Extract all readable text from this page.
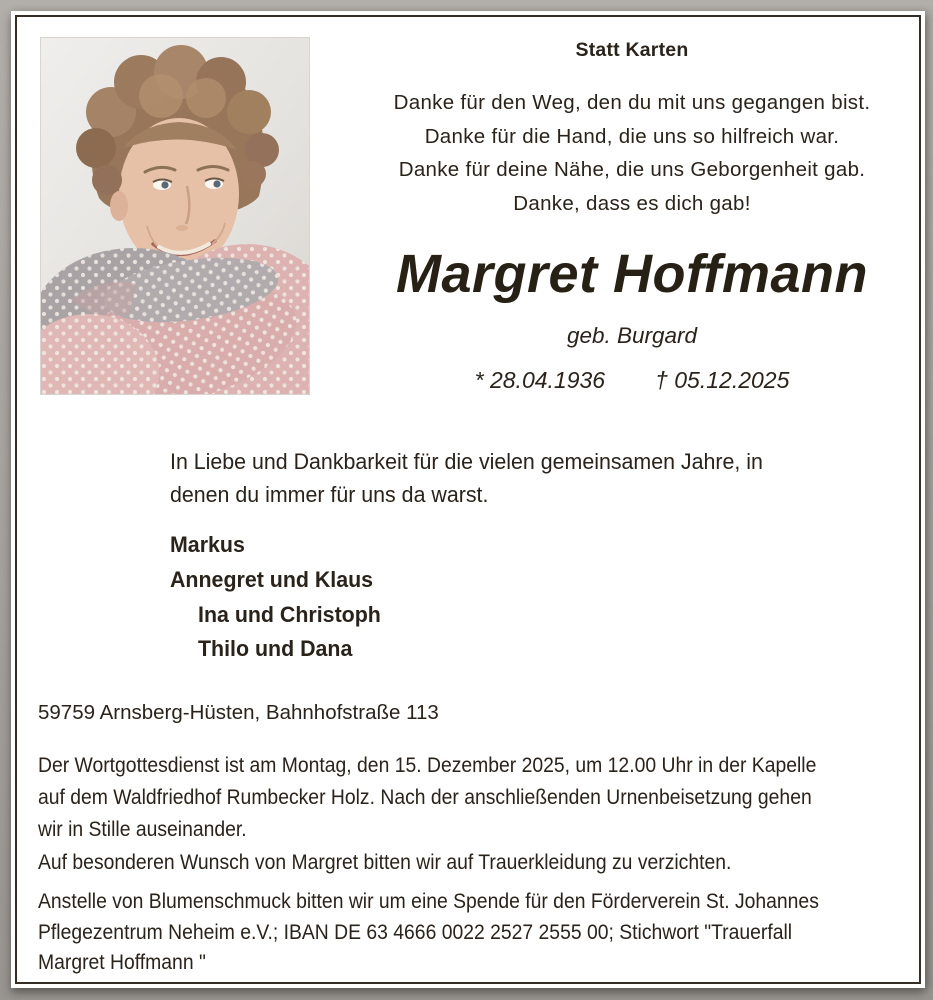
Statt Karten
Danke für den Weg, den du mit uns gegangen bist.
Danke für die Hand, die uns so hilfreich war.
Danke für deine Nähe, die uns Geborgenheit gab.
Danke, dass es dich gab!
Margret Hoffmann
geb. Burgard
* 28.04.1936 † 05.12.2025
In Liebe und Dankbarkeit für die vielen gemeinsamen Jahre, in
denen du immer für uns da warst.
Markus
Annegret und Klaus
Ina und Christoph
Thilo und Dana
59759 Arnsberg-Hüsten, Bahnhofstraße 113
Der Wortgottesdienst ist am Montag, den 15. Dezember 2025, um 12.00 Uhr in der Kapelle
auf dem Waldfriedhof Rumbecker Holz. Nach der anschließenden Urnenbeisetzung gehen
wir in Stille auseinander.
Auf besonderen Wunsch von Margret bitten wir auf Trauerkleidung zu verzichten.
Anstelle von Blumenschmuck bitten wir um eine Spende für den Förderverein St. Johannes
Pflegezentrum Neheim e.V.; IBAN DE 63 4666 0022 2527 2555 00; Stichwort "Trauerfall
Margret Hoffmann "
